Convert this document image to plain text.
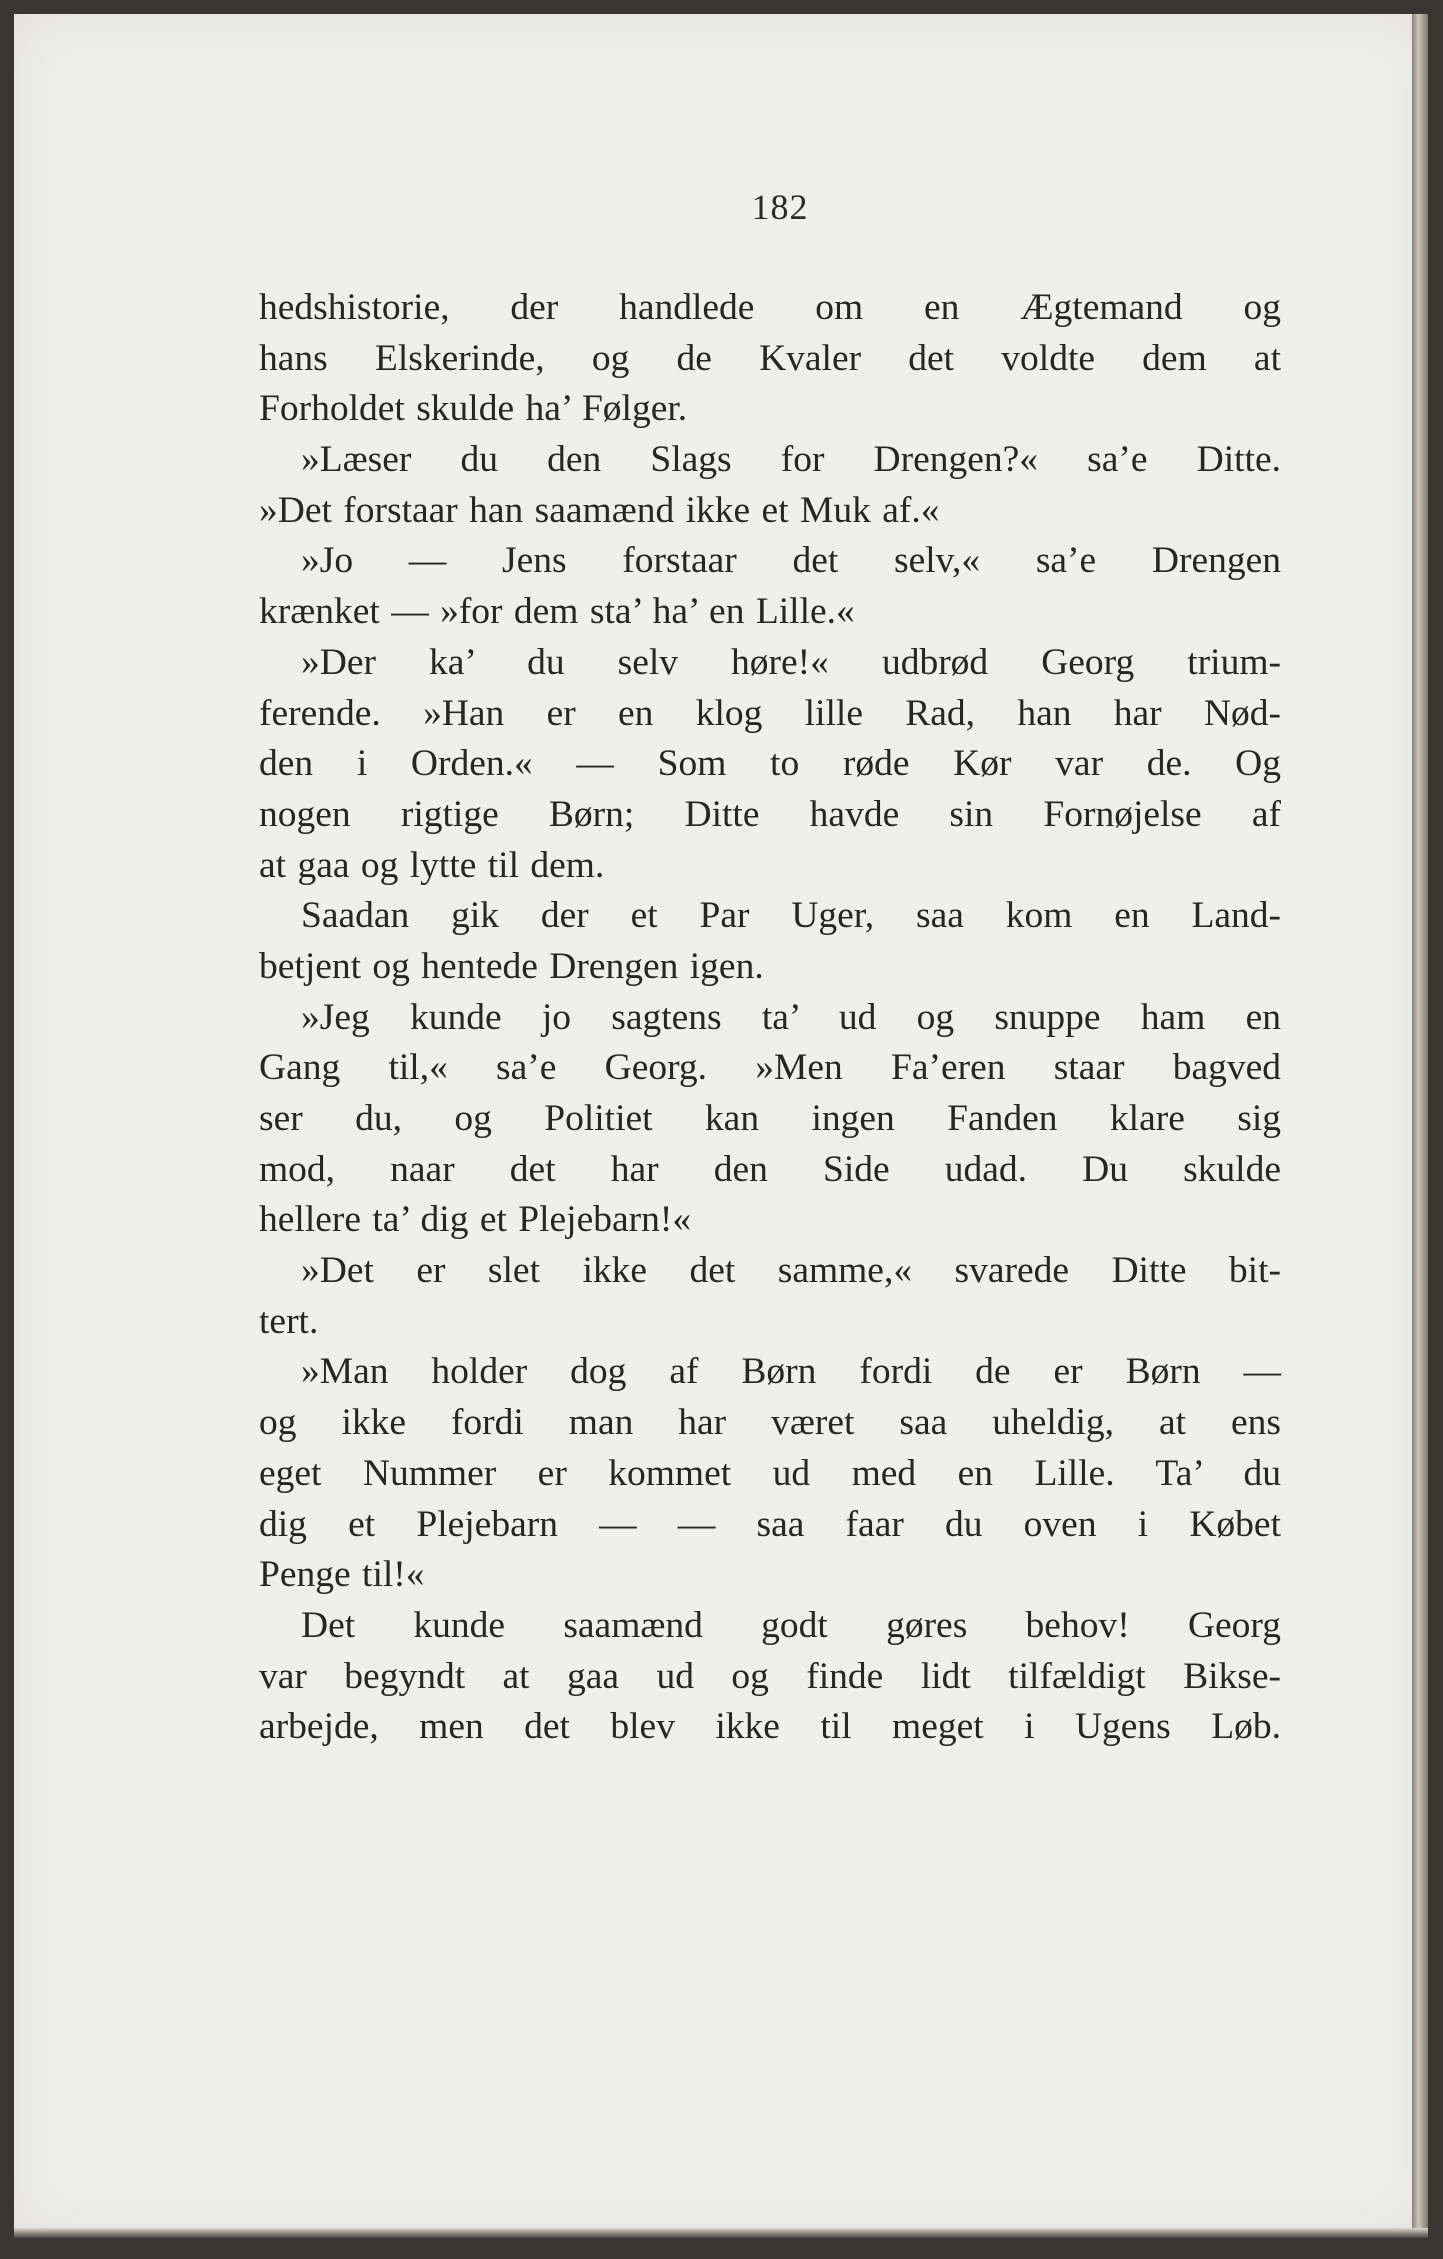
182
hedshistorie, der handlede om en Ægtemand og
hans Elskerinde, og de Kvaler det voldte dem at
Forholdet skulde ha’ Følger.
»Læser du den Slags for Drengen?« sa’e Ditte.
»Det forstaar han saamænd ikke et Muk af.«
»Jo — Jens forstaar det selv,« sa’e Drengen
krænket — »for dem sta’ ha’ en Lille.«
»Der ka’ du selv høre!« udbrød Georg trium-
ferende. »Han er en klog lille Rad, han har Nød-
den i Orden.« — Som to røde Kør var de. Og
nogen rigtige Børn; Ditte havde sin Fornøjelse af
at gaa og lytte til dem.
Saadan gik der et Par Uger, saa kom en Land-
betjent og hentede Drengen igen.
»Jeg kunde jo sagtens ta’ ud og snuppe ham en
Gang til,« sa’e Georg. »Men Fa’eren staar bagved
ser du, og Politiet kan ingen Fanden klare sig
mod, naar det har den Side udad. Du skulde
hellere ta’ dig et Plejebarn!«
»Det er slet ikke det samme,« svarede Ditte bit-
tert.
»Man holder dog af Børn fordi de er Børn —
og ikke fordi man har været saa uheldig, at ens
eget Nummer er kommet ud med en Lille. Ta’ du
dig et Plejebarn — — saa faar du oven i Købet
Penge til!«
Det kunde saamænd godt gøres behov! Georg
var begyndt at gaa ud og finde lidt tilfældigt Bikse-
arbejde, men det blev ikke til meget i Ugens Løb.
